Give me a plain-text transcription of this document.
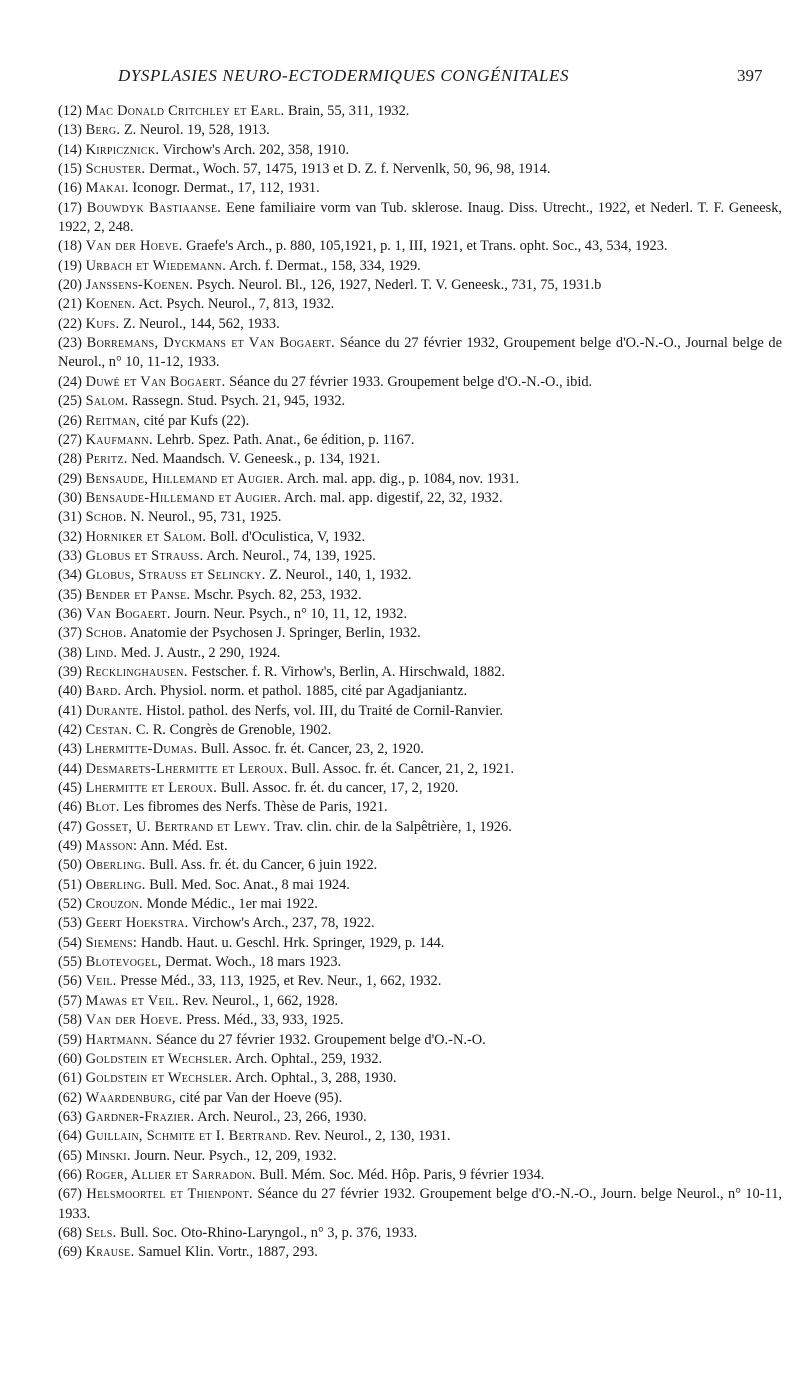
DYSPLASIES NEURO-ECTODERMIQUES CONGÉNITALES	397
(12) Mac Donald Critchley et Earl. Brain, 55, 311, 1932.
(13) Berg. Z. Neurol. 19, 528, 1913.
(14) Kirpicznick. Virchow's Arch. 202, 358, 1910.
(15) Schuster. Dermat., Woch. 57, 1475, 1913 et D. Z. f. Nervenlk, 50, 96, 98, 1914.
(16) Makai. Iconogr. Dermat., 17, 112, 1931.
(17) Bouwdyk Bastiaanse. Eene familiaire vorm van Tub. sklerose. Inaug. Diss. Utrecht., 1922, et Nederl. T. F. Geneesk, 1922, 2, 248.
(18) Van der Hoeve. Graefe's Arch., p. 880, 105,1921, p. 1, III, 1921, et Trans. opht. Soc., 43, 534, 1923.
(19) Urbach et Wiedemann. Arch. f. Dermat., 158, 334, 1929.
(20) Janssens-Koenen. Psych. Neurol. Bl., 126, 1927, Nederl. T. V. Geneesk., 731, 75, 1931.b
(21) Koenen. Act. Psych. Neurol., 7, 813, 1932.
(22) Kufs. Z. Neurol., 144, 562, 1933.
(23) Borremans, Dyckmans et Van Bogaert. Séance du 27 février 1932, Groupement belge d'O.-N.-O., Journal belge de Neurol., n° 10, 11-12, 1933.
(24) Duwé et Van Bogaert. Séance du 27 février 1933. Groupement belge d'O.-N.-O., ibid.
(25) Salom. Rassegn. Stud. Psych. 21, 945, 1932.
(26) Reitman, cité par Kufs (22).
(27) Kaufmann. Lehrb. Spez. Path. Anat., 6e édition, p. 1167.
(28) Peritz. Ned. Maandsch. V. Geneesk., p. 134, 1921.
(29) Bensaude, Hillemand et Augier. Arch. mal. app. dig., p. 1084, nov. 1931.
(30) Bensaude-Hillemand et Augier. Arch. mal. app. digestif, 22, 32, 1932.
(31) Schob. N. Neurol., 95, 731, 1925.
(32) Horniker et Salom. Boll. d'Oculistica, V, 1932.
(33) Globus et Strauss. Arch. Neurol., 74, 139, 1925.
(34) Globus, Strauss et Selincky. Z. Neurol., 140, 1, 1932.
(35) Bender et Panse. Mschr. Psych. 82, 253, 1932.
(36) Van Bogaert. Journ. Neur. Psych., n° 10, 11, 12, 1932.
(37) Schob. Anatomie der Psychosen J. Springer, Berlin, 1932.
(38) Lind. Med. J. Austr., 2 290, 1924.
(39) Recklinghausen. Festscher. f. R. Virhow's, Berlin, A. Hirschwald, 1882.
(40) Bard. Arch. Physiol. norm. et pathol. 1885, cité par Agadjaniantz.
(41) Durante. Histol. pathol. des Nerfs, vol. III, du Traité de Cornil-Ranvier.
(42) Cestan. C. R. Congrès de Grenoble, 1902.
(43) Lhermitte-Dumas. Bull. Assoc. fr. ét. Cancer, 23, 2, 1920.
(44) Desmarets-Lhermitte et Leroux. Bull. Assoc. fr. ét. Cancer, 21, 2, 1921.
(45) Lhermitte et Leroux. Bull. Assoc. fr. ét. du cancer, 17, 2, 1920.
(46) Blot. Les fibromes des Nerfs. Thèse de Paris, 1921.
(47) Gosset, U. Bertrand et Lewy. Trav. clin. chir. de la Salpêtrière, 1, 1926.
(49) Masson: Ann. Méd. Est.
(50) Oberling. Bull. Ass. fr. ét. du Cancer, 6 juin 1922.
(51) Oberling. Bull. Med. Soc. Anat., 8 mai 1924.
(52) Crouzon. Monde Médic., 1er mai 1922.
(53) Geert Hoekstra. Virchow's Arch., 237, 78, 1922.
(54) Siemens: Handb. Haut. u. Geschl. Hrk. Springer, 1929, p. 144.
(55) Blotevogel, Dermat. Woch., 18 mars 1923.
(56) Veil. Presse Méd., 33, 113, 1925, et Rev. Neur., 1, 662, 1932.
(57) Mawas et Veil. Rev. Neurol., 1, 662, 1928.
(58) Van der Hoeve. Press. Méd., 33, 933, 1925.
(59) Hartmann. Séance du 27 février 1932. Groupement belge d'O.-N.-O.
(60) Goldstein et Wechsler. Arch. Ophtal., 259, 1932.
(61) Goldstein et Wechsler. Arch. Ophtal., 3, 288, 1930.
(62) Waardenburg, cité par Van der Hoeve (95).
(63) Gardner-Frazier. Arch. Neurol., 23, 266, 1930.
(64) Guillain, Schmite et I. Bertrand. Rev. Neurol., 2, 130, 1931.
(65) Minski. Journ. Neur. Psych., 12, 209, 1932.
(66) Roger, Allier et Sarradon. Bull. Mém. Soc. Méd. Hôp. Paris, 9 février 1934.
(67) Helsmoortel et Thienpont. Séance du 27 février 1932. Groupement belge d'O.-N.-O., Journ. belge Neurol., n° 10-11, 1933.
(68) Sels. Bull. Soc. Oto-Rhino-Laryngol., n° 3, p. 376, 1933.
(69) Krause. Samuel Klin. Vortr., 1887, 293.
